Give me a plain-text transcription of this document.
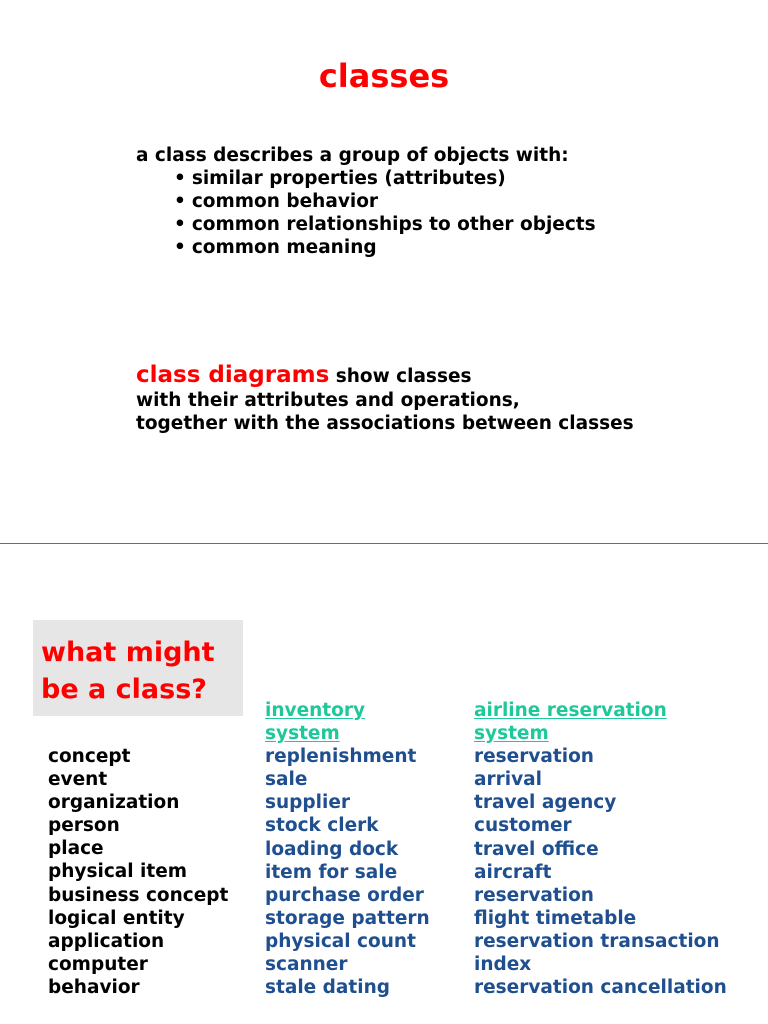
classes
a class describes a group of objects with:
• similar properties (attributes)
• common behavior
• common relationships to other objects
• common meaning
class diagrams show classes
with their attributes and operations,
together with the associations between classes
what might
be a class?
concept
event
organization
person
place
physical item
business concept
logical entity
application
computer
behavior
inventory
system
replenishment
sale
supplier
stock clerk
loading dock
item for sale
purchase order
storage pattern
physical count
scanner
stale dating
airline reservation
system
reservation
arrival
travel agency
customer
travel office
aircraft
reservation
flight timetable
reservation transaction
index
reservation cancellation
